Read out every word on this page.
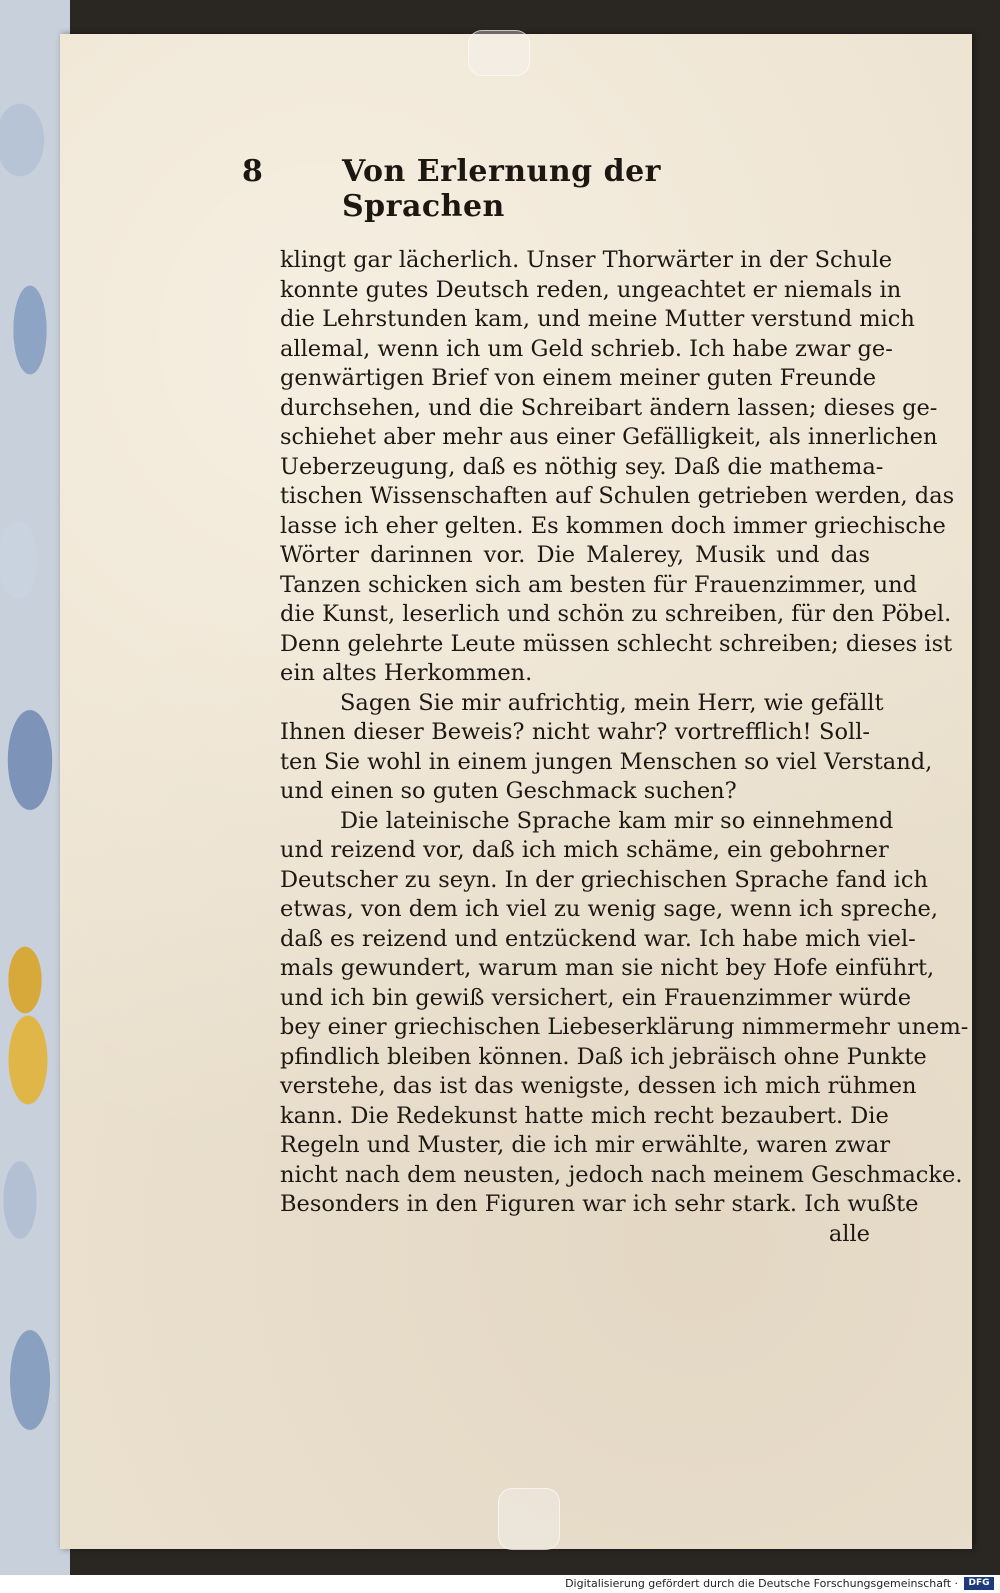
8	Von Erlernung der Sprachen
klingt gar lächerlich. Unser Thorwärter in der Schule
konnte gutes Deutsch reden, ungeachtet er niemals in
die Lehrstunden kam, und meine Mutter verstund mich
allemal, wenn ich um Geld schrieb. Ich habe zwar ge-
genwärtigen Brief von einem meiner guten Freunde
durchsehen, und die Schreibart ändern lassen; dieses ge-
schiehet aber mehr aus einer Gefälligkeit, als innerlichen
Ueberzeugung, daß es nöthig sey. Daß die mathema-
tischen Wissenschaften auf Schulen getrieben werden, das
lasse ich eher gelten. Es kommen doch immer griechische
Wörter darinnen vor. Die Malerey, Musik und das
Tanzen schicken sich am besten für Frauenzimmer, und
die Kunst, leserlich und schön zu schreiben, für den Pöbel.
Denn gelehrte Leute müssen schlecht schreiben; dieses ist
ein altes Herkommen.
Sagen Sie mir aufrichtig, mein Herr, wie gefällt
Ihnen dieser Beweis? nicht wahr? vortrefflich! Soll-
ten Sie wohl in einem jungen Menschen so viel Verstand,
und einen so guten Geschmack suchen?
Die lateinische Sprache kam mir so einnehmend
und reizend vor, daß ich mich schäme, ein gebohrner
Deutscher zu seyn. In der griechischen Sprache fand ich
etwas, von dem ich viel zu wenig sage, wenn ich spreche,
daß es reizend und entzückend war. Ich habe mich viel-
mals gewundert, warum man sie nicht bey Hofe einführt,
und ich bin gewiß versichert, ein Frauenzimmer würde
bey einer griechischen Liebeserklärung nimmermehr unem-
pfindlich bleiben können. Daß ich jebräisch ohne Punkte
verstehe, das ist das wenigste, dessen ich mich rühmen
kann. Die Redekunst hatte mich recht bezaubert. Die
Regeln und Muster, die ich mir erwählte, waren zwar
nicht nach dem neusten, jedoch nach meinem Geschmacke.
Besonders in den Figuren war ich sehr stark. Ich wußte
alle
Digitalisierung gefördert durch die Deutsche Forschungsgemeinschaft ·	DFG
